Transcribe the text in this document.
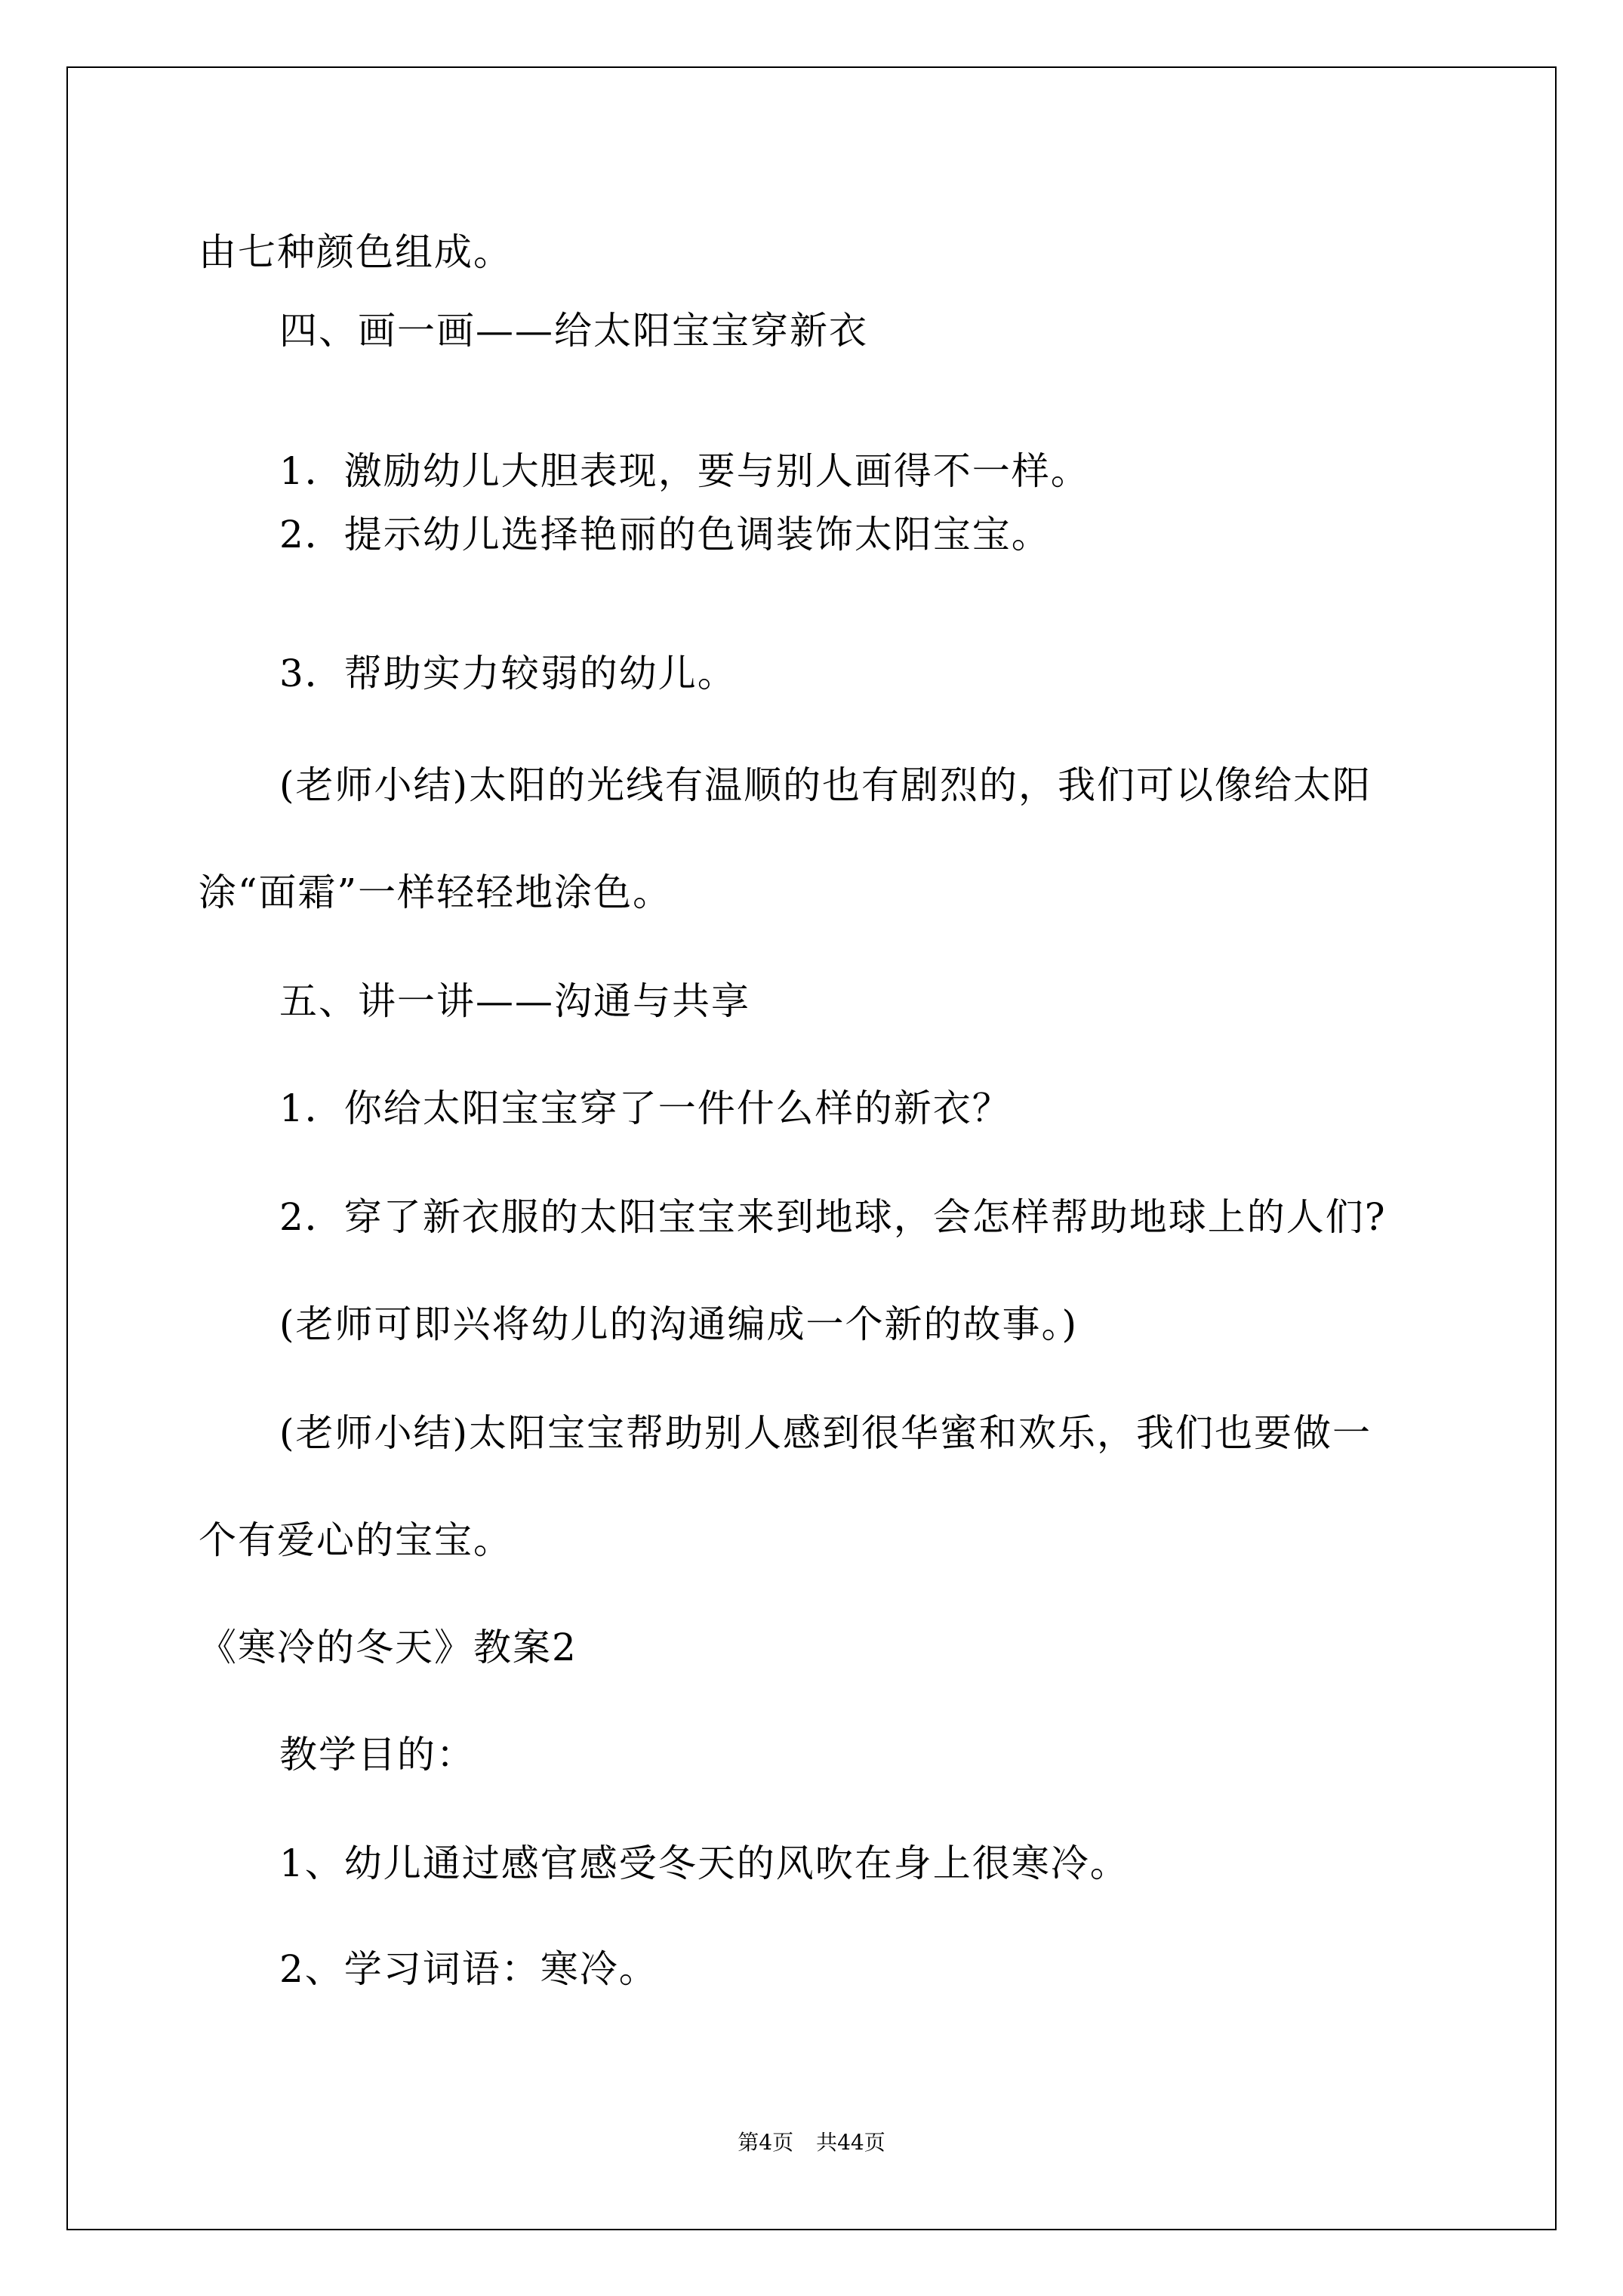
由七种颜色组成。
四、画一画——给太阳宝宝穿新衣
1．激励幼儿大胆表现，要与别人画得不一样。
2．提示幼儿选择艳丽的色调装饰太阳宝宝。
3．帮助实力较弱的幼儿。
(老师小结)太阳的光线有温顺的也有剧烈的，我们可以像给太阳
涂“面霜”一样轻轻地涂色。
五、讲一讲——沟通与共享
1．你给太阳宝宝穿了一件什么样的新衣？
2．穿了新衣服的太阳宝宝来到地球，会怎样帮助地球上的人们?
(老师可即兴将幼儿的沟通编成一个新的故事。)
(老师小结)太阳宝宝帮助别人感到很华蜜和欢乐，我们也要做一
个有爱心的宝宝。
《寒冷的冬天》教案2
教学目的：
1、幼儿通过感官感受冬天的风吹在身上很寒冷。
2、学习词语：寒冷。
第4页 共44页
